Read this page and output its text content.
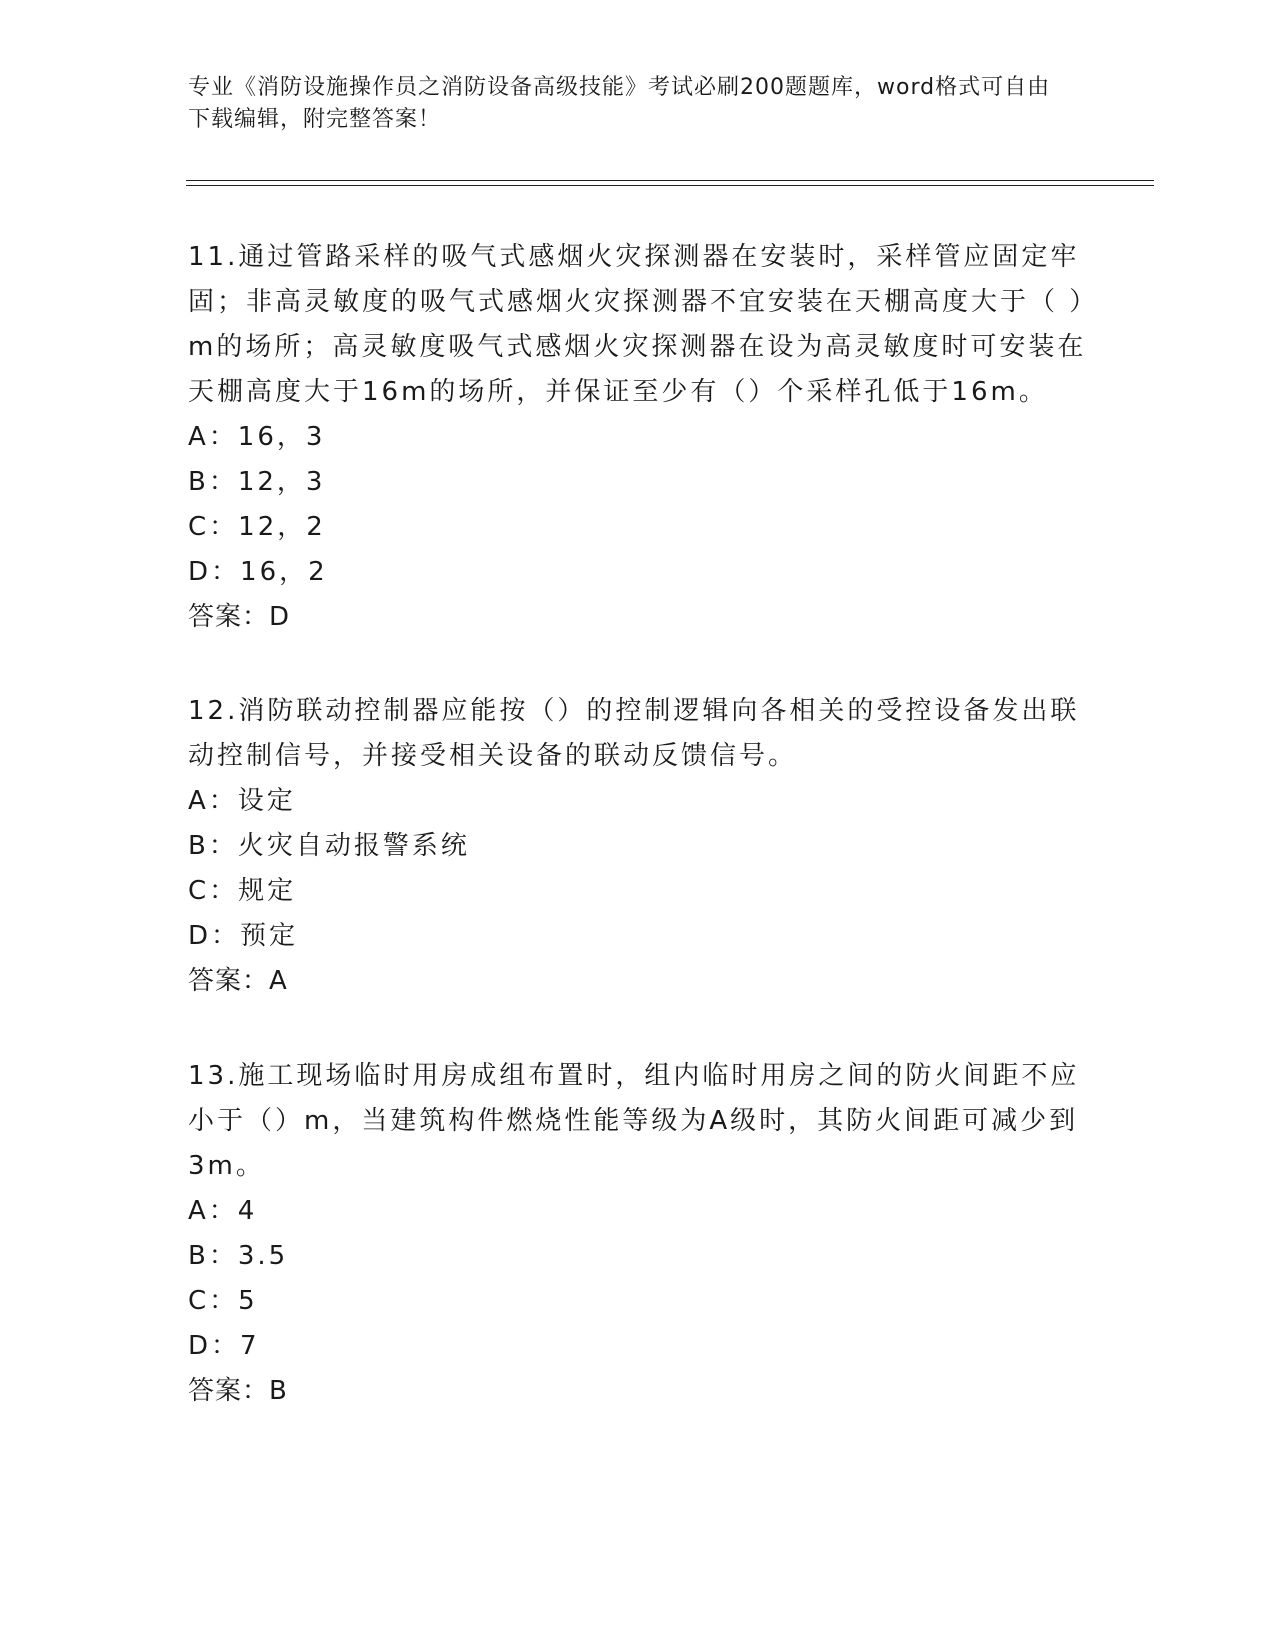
专业《消防设施操作员之消防设备高级技能》考试必刷200题题库，word格式可自由下载编辑，附完整答案！

11.通过管路采样的吸气式感烟火灾探测器在安装时，采样管应固定牢固；非高灵敏度的吸气式感烟火灾探测器不宜安装在天棚高度大于（ ）m的场所；高灵敏度吸气式感烟火灾探测器在设为高灵敏度时可安装在天棚高度大于16m的场所，并保证至少有（）个采样孔低于16m。

A：16，3

B：12，3

C：12，2

D：16，2

答案：D

12.消防联动控制器应能按（）的控制逻辑向各相关的受控设备发出联动控制信号，并接受相关设备的联动反馈信号。

A：设定

B：火灾自动报警系统

C：规定

D：预定

答案：A

13.施工现场临时用房成组布置时，组内临时用房之间的防火间距不应小于（）m，当建筑构件燃烧性能等级为A级时，其防火间距可减少到3m。

A：4

B：3.5

C：5

D：7

答案：B
